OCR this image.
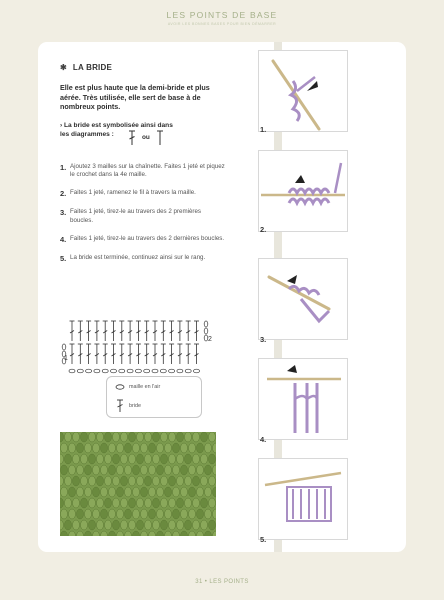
LES POINTS DE BASE
AVOIR LES BONNES BASES POUR BIEN DÉMARRER
✱ LA BRIDE
Elle est plus haute que la demi-bride et plus aérée. Très utilisée, elle sert de base à de nombreux points.
› La bride est symbolisée ainsi dans
les diagrammes :	ou
1. Ajoutez 3 mailles sur la chaînette. Faites 1 jeté et piquez le crochet dans la 4e maille.
2. Faites 1 jeté, ramenez le fil à travers la maille.
3. Faites 1 jeté, tirez-le au travers des 2 premières boucles.
4. Faites 1 jeté, tirez-le au travers des 2 dernières boucles.
5. La bride est terminée, continuez ainsi sur le rang.
1
2
maille en l'air
bride
1.
2.
3.
4.
5.
31 • LES POINTS
